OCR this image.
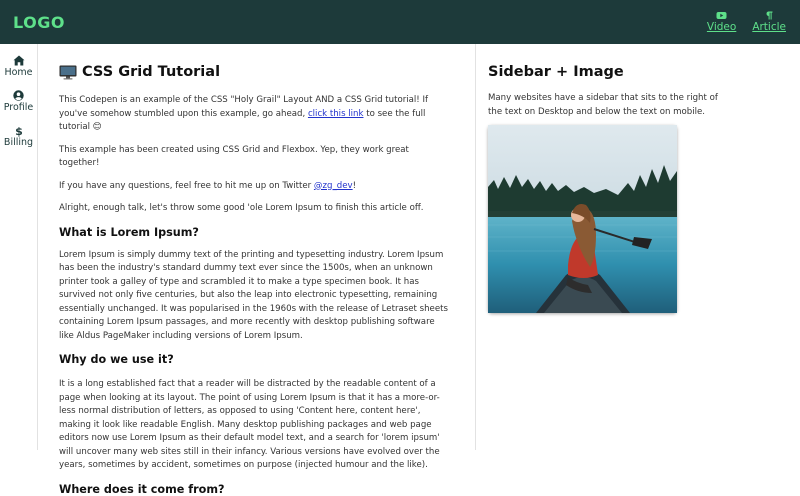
LOGO	Video Article
Home
Profile
$
Billing
CSS Grid Tutorial

This Codepen is an example of the CSS "Holy Grail" Layout AND a CSS Grid tutorial! If you've somehow stumbled upon this example, go ahead, click this link to see the full tutorial 😊

This example has been created using CSS Grid and Flexbox. Yep, they work great together!

If you have any questions, feel free to hit me up on Twitter @zg_dev!

Alright, enough talk, let's throw some good 'ole Lorem Ipsum to finish this article off.

What is Lorem Ipsum?

Lorem Ipsum is simply dummy text of the printing and typesetting industry. Lorem Ipsum has been the industry's standard dummy text ever since the 1500s, when an unknown printer took a galley of type and scrambled it to make a type specimen book. It has survived not only five centuries, but also the leap into electronic typesetting, remaining essentially unchanged. It was popularised in the 1960s with the release of Letraset sheets containing Lorem Ipsum passages, and more recently with desktop publishing software like Aldus PageMaker including versions of Lorem Ipsum.

Why do we use it?

It is a long established fact that a reader will be distracted by the readable content of a page when looking at its layout. The point of using Lorem Ipsum is that it has a more-or-less normal distribution of letters, as opposed to using 'Content here, content here', making it look like readable English. Many desktop publishing packages and web page editors now use Lorem Ipsum as their default model text, and a search for 'lorem ipsum' will uncover many web sites still in their infancy. Various versions have evolved over the years, sometimes by accident, sometimes on purpose (injected humour and the like).

Where does it come from?
Sidebar + Image

Many websites have a sidebar that sits to the right of the text on Desktop and below the text on mobile.
